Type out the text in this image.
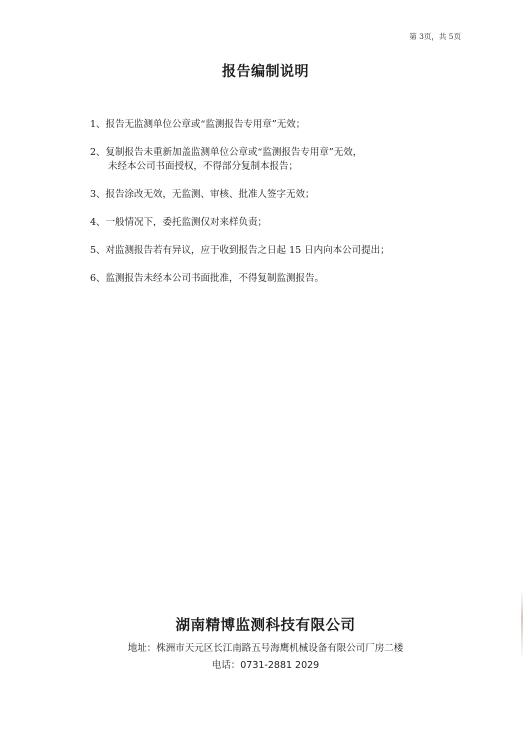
第 3页，共 5页
报告编制说明
1、报告无监测单位公章或“监测报告专用章”无效；
2、复制报告未重新加盖监测单位公章或“监测报告专用章”无效，
未经本公司书面授权，不得部分复制本报告；
3、报告涂改无效，无监测、审核、批准人签字无效；
4、一般情况下，委托监测仅对来样负责；
5、对监测报告若有异议，应于收到报告之日起 15 日内向本公司提出；
6、监测报告未经本公司书面批准，不得复制监测报告。
湖南精博监测科技有限公司
地址：株洲市天元区长江南路五号海鹰机械设备有限公司厂房二楼
电话：0731-2881 2029
